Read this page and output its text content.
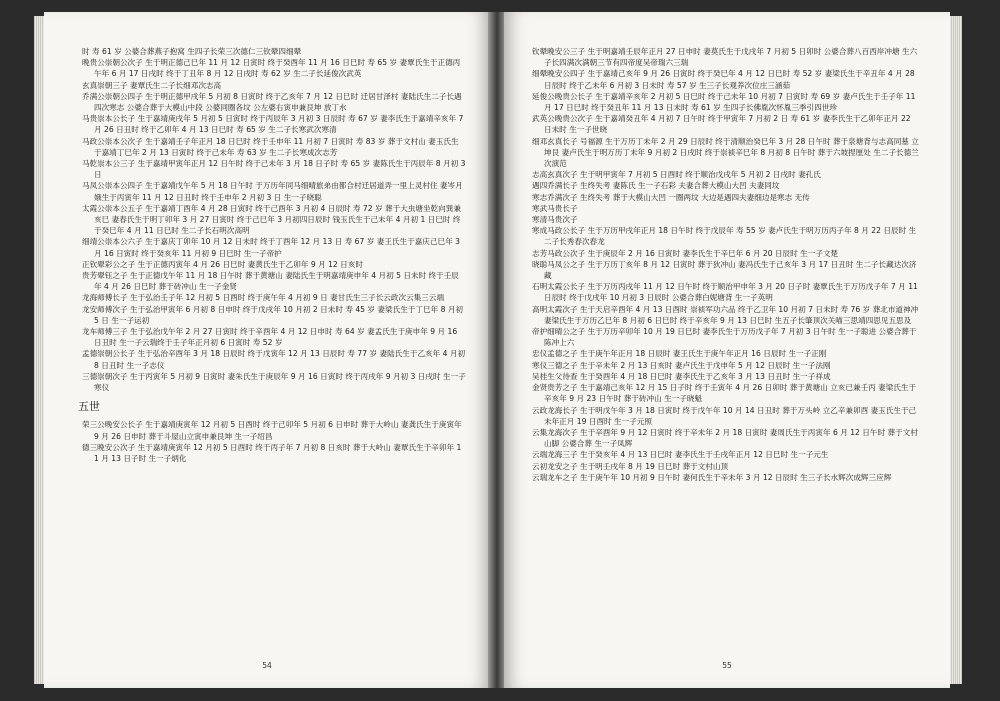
时 寿 61 岁 公婆合葬燕子抱窝 生四子长荣三次德仁三钦翚四细翚
晚贵公崇朝公次子 生于明正德己巳年 11 月 12 日寅时 终于癸酉年 11 月 16 日巳时 寿 65 岁 妻覃氏生于正德丙午年 6 月 17 日戌时 终于丁丑年 8 月 12 日戌时 寿 62 岁 生二子长延俊次武英
玄真崇朝三子 妻覃氏生二子长细邓次志高
乔满公崇朝公四子 生于明正德甲戌年 5 月初 8 日寅时 终于乙亥年 7 月 12 日巳时 迁居甘泽村 妻陆氏生二子长遇四次寒志 公婆合葬于大模山中段 公婆同圈各坟 公左婆右寅申兼艮坤 放丁水
马贵崇本公长子 生于嘉靖庚戌年 5 月初 5 日寅时 终于丙辰年 3 月初 3 日辰时 寿 67 岁 妻李氏生于嘉靖辛亥年 7 月 26 日丑时 终于乙卯年 4 月 13 日巳时 寿 65 岁 生二子长寒武次寒清
马政公崇本公次子 生于嘉靖壬子年正月 18 日巳时 终于壬申年 11 月初 7 日寅时 寿 83 岁 葬于文村山 妻玉氏生于嘉靖丁巳年 2 月 13 日寅时 终于己未年 寿 63 岁 生二子长寒成次志芳
马乾崇本公三子 生于嘉靖甲寅年正月 12 日午时 终于己未年 3 月 18 日子时 寿 65 岁 妻陈氏生于丙辰年 8 月初 3 日
马凤公崇本公四子 生于嘉靖戊午年 5 月 18 日午时 于万历年同马细晴旅弟由都合村迁居道弄一里上灵村住 妻岑月娥生于丙寅年 11 月 12 日丑时 终于壬申年 2 月初 3 日 生一子晓聪
太霞公崇本公五子 生于嘉靖丁酉年 4 月 28 日寅时 终于己酉年 3 月初 4 日辰时 寿 72 岁 葬于大虫塘坐乾向巽兼亥巳 妻春氏生于明丁卯年 3 月 27 日寅时 终于己巳年 3 月初四日辰时 钱玉氏生于己未年 4 月初 1 日巳时 终于癸巳年 4 月 11 日巳时 生二子长石明次高明
细靖公崇本公六子 生于嘉庆丁卯年 10 月 12 日未时 终于丁酉年 12 月 13 日 寿 67 岁 妻王氏生于嘉庆己巳年 3 月 16 日寅时 终于癸亥年 11 月初 9 日巳时 生一子帝护
正钦翚彩公之子 生于正德丙寅年 4 月 26 日巳时 妻黄氏生于乙卯年 9 月 12 日亥时
贵芳翚钰之子 生于正德戊午年 11 月 18 日午时 葬于黄塘山 妻陆氏生于明嘉靖庚申年 4 月初 5 日未时 终于壬辰年 4 月 26 日巳时 葬于砖冲山 生一子金贤
龙海师傅长子 生于弘治壬子年 12 月初 5 日酉时 终于庚午年 4 月初 9 日 妻甘氏生三子长云政次云集三云端
龙安师傅次子 生于弘治甲寅年 6 月初 8 日申时 终于戊戌年 10 月初 2 日未时 寿 45 岁 妻梁氏生于丁巳年 8 月初 5 日 生一子运初
龙车师傅三子 生于弘治戊午年 2 月 27 日寅时 终于辛酉年 4 月 12 日申时 寿 64 岁 妻孟氏生于庚申年 9 月 16 日丑时 生一子云瑞终于壬子年正月初 6 日寅时 寿 52 岁
孟德崇朝公长子 生于弘治辛酉年 3 月 18 日辰时 终于戊寅年 12 月 13 日辰时 寿 77 岁 妻陆氏生于乙亥年 4 月初 8 日丑时 生一子志仪
三德崇朝次子 生于丙寅年 5 月初 9 日寅时 妻朱氏生于庚辰年 9 月 16 日寅时 终于丙戌年 9 月初 3 日戌时 生一子寒仪
五世
荣三公晚安公长子 生于嘉靖庚寅年 12 月初 5 日酉时 终于己卯年 5 月初 6 日申时 葬于大岭山 妻龚氏生于庚寅年 9 月 26 日申时 葬于斗屋山立寅申兼艮坤 生一子绍昌
德三晚安公次子 生于嘉靖庚寅年 12 月初 5 日酉时 终于丙子年 7 月初 8 日亥时 葬于大岭山 妻覃氏生于辛卯年 11 月 13 日子时 生一子炳化
54
钦翚晚安公三子 生于明嘉靖壬辰年正月 27 日申时 妻莫氏生于戊戌年 7 月初 5 日卯时 公婆合葬八百西岸冲塘 生六子长四满次满朝三节有四帝度吴帝瑞六三瑞
细翚晚安公四子 生于嘉靖己亥年 9 月 26 日寅时 终于癸巳年 4 月 12 日巳时 寿 52 岁 妻梁氏生于辛丑年 4 月 28 日辰时 终于乙未年 6 月初 3 日未时 寿 57 岁 生三子长观养次位庄三涵茹
延俊公晚贵公长子 生于嘉靖辛亥年 2 月初 5 日巳时 终于己未年 10 月初 7 日寅时 寿 69 岁 妻卢氏生于壬子年 11 月 17 日巳时 终于癸丑年 11 月 13 日未时 寿 61 岁 生四子长佛胤次怀胤三季引四世珍
武英公晚贵公次子 生于嘉靖癸丑年 4 月初 7 日午时 终于甲寅年 7 月初 2 日 寿 61 岁 妻李氏生于乙卯年正月 22 日未时 生一子世晓
细邓玄真长子 号福源 生于万历丁未年 2 月 29 日辰时 终于清顺治癸巳年 3 月 28 日午时 葬于泉塘背与志高同墓 立坤艮 妻卢氏生于明万历丁未年 9 月初 2 日戌时 终于崇祯辛巳年 8 月初 8 日午时 葬于六坡捏厘处 生二子长德兰次演范
志高玄真次子 生于明甲寅年 7 月初 5 日酉时 终于顺治戊戌年 5 月初 2 日戌时 妻孔氏
遇四乔满长子 生终失考 妻陈氏 生一子石彩 夫妻合葬大模山大凹 夫妻同坟
寒志乔满次子 生终失考 葬于大模山大凹 一圈两坟 大边是遇四夫妻细边是寒志 无传
寒武马贵长子
寒清马贵次子
寒成马政公长子 生于万历甲戌年正月 18 日午时 终于戊辰年 寿 55 岁 妻卢氏生于明万历丙子年 8 月 22 日辰时 生二子长秀春次春龙
志芳马政公次子 生于庚辰年 2 月 16 日寅时 妻李氏生于辛巳年 6 月 20 日辰时 生一子文楚
晓聪马凤公之子 生于万历丁亥年 8 月 12 日寅时 葬于狄冲山 妻冯氏生于己亥年 3 月 17 日丑时 生二子长藏达次济藏
石明太霞公长子 生于万历丙戌年 11 月 12 日午时 终于顺治甲申年 3 月 20 日子时 妻覃氏生于万历戊子年 7 月 11 日辰时 终于戊戌年 10 月初 3 日辰时 公婆合葬白妮塘背 生一子英明
高明太霞次子 生于天启辛酉年 4 月 13 日酉时 崇祯军功六品 终于乙卫年 10 月初 7 日未时 寿 76 岁 葬北市道神冲 妻梁氏生于万历乙巳年 8 月初 6 日巳时 终于辛亥年 9 月 13 日巳时 生五子长肇顶次关喵三思靖四思见五思及
帝护细晴公之子 生于万历辛卯年 10 月 19 日巳时 妻李氏生于万历戊子年 7 月初 3 日午时 生一子聪进 公婆合葬于陈冲上六
忠仪孟德之子 生于庚午年正月 18 日辰时 妻王氏生于庚午年正月 16 日辰时 生一子正刚
寒仪三德之子 生于辛未年 2 月 13 日亥时 妻卢氏生于戊申年 5 月 12 日辰时 生一子法刚
吴桂生父待查 生于癸酉年 4 月 18 日巳时 妻李氏生于乙亥年 3 月 13 日丑时 生一子祥成
金贤贵芳之子 生于嘉靖己亥年 12 月 15 日子时 终于壬寅年 4 月 26 日卯时 葬于黄塘山 立亥已兼壬丙 妻梁氏生于辛亥年 9 月 23 日午时 葬于砖冲山 生一子晓魁
云政龙海长子 生于明戊午年 3 月 18 日寅时 终于戊午年 10 月 14 日丑时 葬于万头岭 立乙辛兼卯酉 妻玉氏生于己未年正月 19 日酉时 生一子元照
云集龙海次子 生于辛酉年 9 月 12 日寅时 终于辛未年 2 月 18 日寅时 妻周氏生于丙寅年 6 月 12 日午时 葬于文村山脚 公婆合葬 生一子凤辉
云端龙海三子 生于癸亥年 4 月 13 日巳时 妻李氏生于壬戌年正月 12 日巳时 生一子元生
云初龙安之子 生于明壬戌年 8 月 19 日巳时 葬于文村山顶
云瑞龙车之子 生于庚午年 10 月初 9 日午时 妻何氏生于辛未年 3 月 12 日辰时 生三子长水辉次成辉三应辉
55
